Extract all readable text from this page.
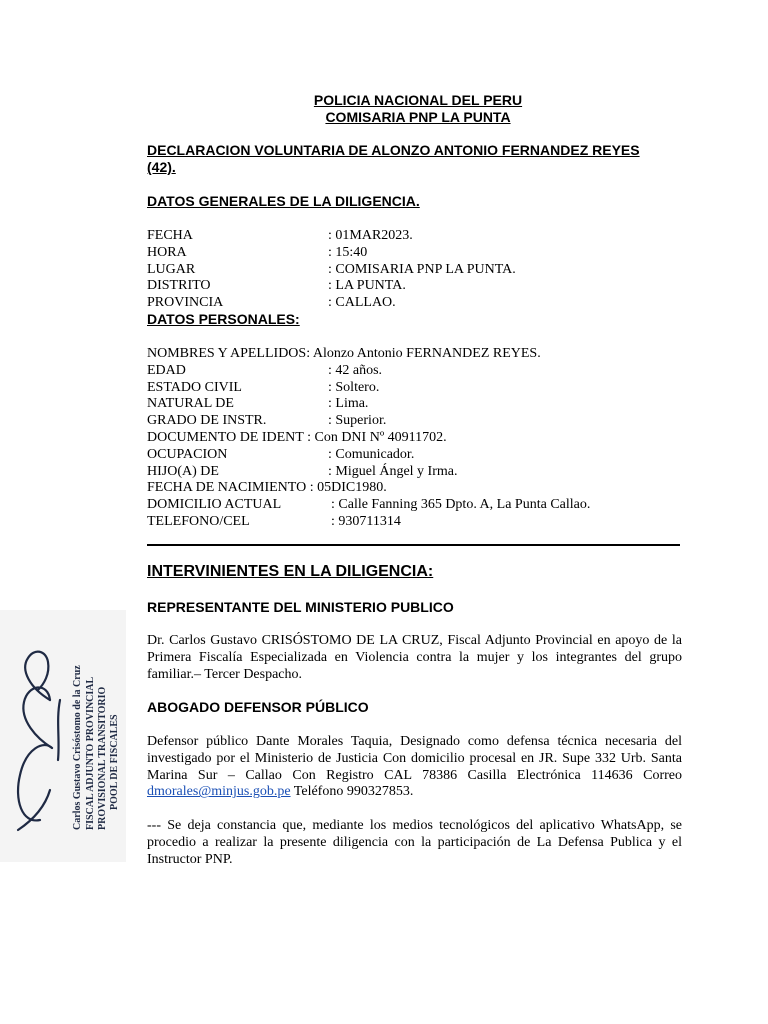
POLICIA NACIONAL DEL PERU
COMISARIA PNP LA PUNTA
DECLARACION VOLUNTARIA DE ALONZO ANTONIO FERNANDEZ REYES (42).
DATOS GENERALES DE LA DILIGENCIA.
FECHA	: 01MAR2023.
HORA	: 15:40
LUGAR	: COMISARIA PNP LA PUNTA.
DISTRITO	: LA PUNTA.
PROVINCIA	: CALLAO.
DATOS PERSONALES:
NOMBRES Y APELLIDOS: Alonzo Antonio FERNANDEZ REYES.
EDAD	: 42 años.
ESTADO CIVIL	: Soltero.
NATURAL DE	: Lima.
GRADO DE INSTR.	: Superior.
DOCUMENTO DE IDENT : Con DNI Nº 40911702.
OCUPACION	: Comunicador.
HIJO(A) DE	: Miguel Ángel y Irma.
FECHA DE NACIMIENTO : 05DIC1980.
DOMICILIO ACTUAL	: Calle Fanning 365 Dpto. A, La Punta Callao.
TELEFONO/CEL	: 930711314
INTERVINIENTES EN LA DILIGENCIA:
REPRESENTANTE DEL MINISTERIO PUBLICO
Dr. Carlos Gustavo CRISÓSTOMO DE LA CRUZ, Fiscal Adjunto Provincial en apoyo de la Primera Fiscalía Especializada en Violencia contra la mujer y los integrantes del grupo familiar.– Tercer Despacho.
ABOGADO DEFENSOR PÚBLICO
Defensor público Dante Morales Taquia, Designado como defensa técnica necesaria del investigado por el Ministerio de Justicia Con domicilio procesal en JR. Supe 332 Urb. Santa Marina Sur – Callao Con Registro CAL 78386 Casilla Electrónica 114636 Correo dmorales@minjus.gob.pe Teléfono 990327853.
--- Se deja constancia que, mediante los medios tecnológicos del aplicativo WhatsApp, se procedio a realizar la presente diligencia con la participación de La Defensa Publica y el Instructor PNP.
Carlos Gustavo Crisóstomo de la Cruz FISCAL ADJUNTO PROVINCIAL PROVISIONAL TRANSITORIO POOL DE FISCALES
